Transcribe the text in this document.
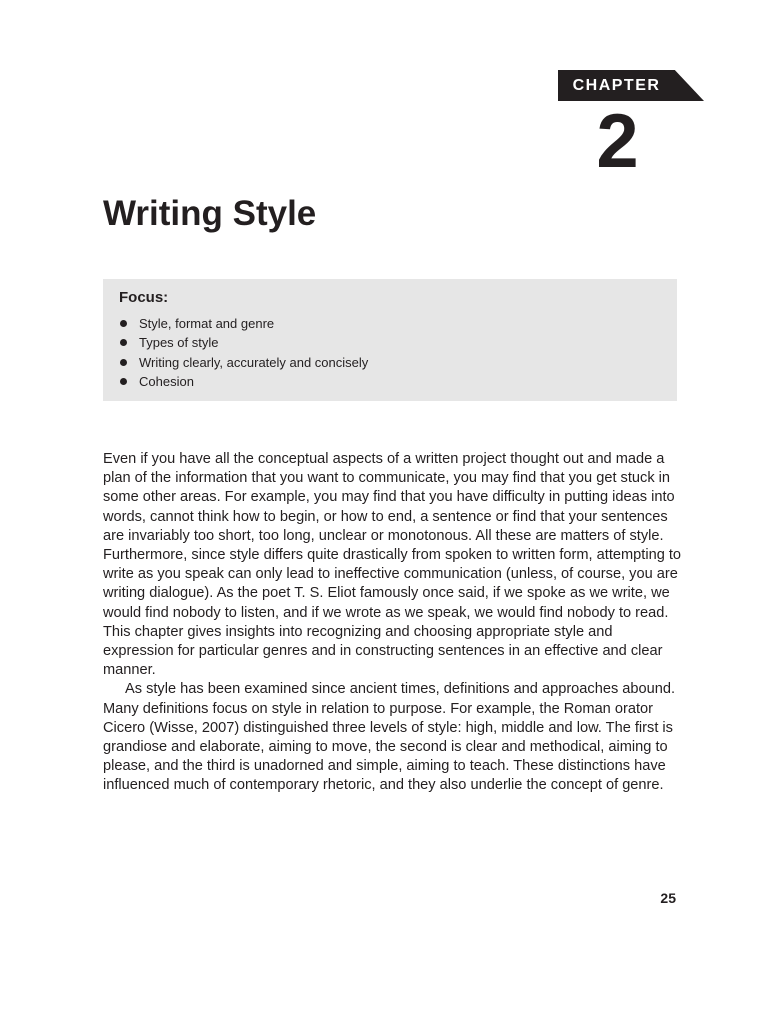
CHAPTER
2
Writing Style
Focus:
Style, format and genre
Types of style
Writing clearly, accurately and concisely
Cohesion

Even if you have all the conceptual aspects of a written project thought out and made a plan of the information that you want to communicate, you may find that you get stuck in some other areas. For example, you may find that you have difficulty in putting ideas into words, cannot think how to begin, or how to end, a sentence or find that your sentences are invariably too short, too long, unclear or monotonous. All these are matters of style. Furthermore, since style differs quite drastically from spoken to written form, attempting to write as you speak can only lead to ineffective communication (unless, of course, you are writing dialogue). As the poet T. S. Eliot famously once said, if we spoke as we write, we would find nobody to listen, and if we wrote as we speak, we would find nobody to read. This chapter gives insights into recognizing and choosing appropriate style and expression for particular genres and in constructing sentences in an effective and clear manner.

As style has been examined since ancient times, definitions and approaches abound. Many definitions focus on style in relation to purpose. For example, the Roman orator Cicero (Wisse, 2007) distinguished three levels of style: high, middle and low. The first is grandiose and elaborate, aiming to move, the second is clear and methodical, aiming to please, and the third is unadorned and simple, aiming to teach. These distinctions have influenced much of contemporary rhetoric, and they also underlie the concept of genre.

25
